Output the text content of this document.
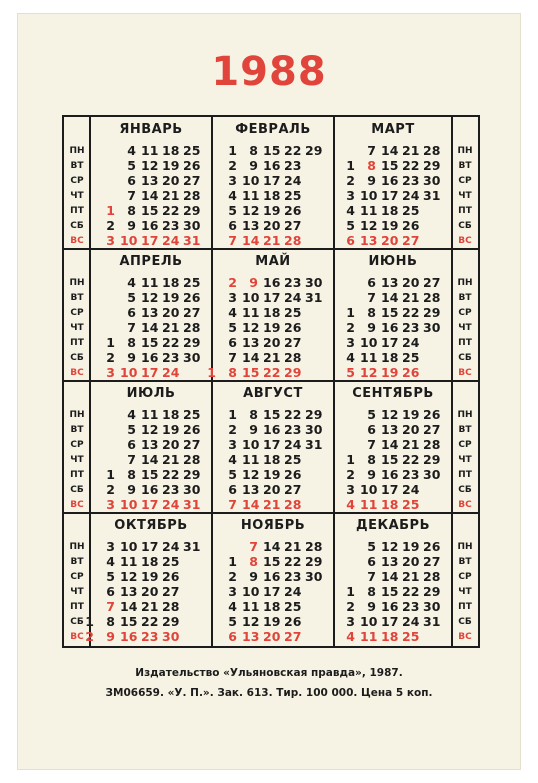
1988
ПН
ВТ
СР
ЧТ
ПТ
СБ
ВС
ПН
ВТ
СР
ЧТ
ПТ
СБ
ВС
ЯНВАРЬ
4 11 18 25
5 12 19 26
6 13 20 27
7 14 21 28
1 8 15 22 29
2 9 16 23 30
3 10 17 24 31
ФЕВРАЛЬ
1 8 15 22 29
2 9 16 23
3 10 17 24
4 11 18 25
5 12 19 26
6 13 20 27
7 14 21 28
МАРТ
7 14 21 28
1 8 15 22 29
2 9 16 23 30
3 10 17 24 31
4 11 18 25
5 12 19 26
6 13 20 27
ПН
ВТ
СР
ЧТ
ПТ
СБ
ВС
ПН
ВТ
СР
ЧТ
ПТ
СБ
ВС
АПРЕЛЬ
4 11 18 25
5 12 19 26
6 13 20 27
7 14 21 28
1 8 15 22 29
2 9 16 23 30
3 10 17 24
МАЙ
2 9 16 23 30
3 10 17 24 31
4 11 18 25
5 12 19 26
6 13 20 27
7 14 21 28
1 8 15 22 29
ИЮНЬ
6 13 20 27
7 14 21 28
1 8 15 22 29
2 9 16 23 30
3 10 17 24
4 11 18 25
5 12 19 26
ПН
ВТ
СР
ЧТ
ПТ
СБ
ВС
ПН
ВТ
СР
ЧТ
ПТ
СБ
ВС
ИЮЛЬ
4 11 18 25
5 12 19 26
6 13 20 27
7 14 21 28
1 8 15 22 29
2 9 16 23 30
3 10 17 24 31
АВГУСТ
1 8 15 22 29
2 9 16 23 30
3 10 17 24 31
4 11 18 25
5 12 19 26
6 13 20 27
7 14 21 28
СЕНТЯБРЬ
5 12 19 26
6 13 20 27
7 14 21 28
1 8 15 22 29
2 9 16 23 30
3 10 17 24
4 11 18 25
ПН
ВТ
СР
ЧТ
ПТ
СБ
ВС
ПН
ВТ
СР
ЧТ
ПТ
СБ
ВС
ОКТЯБРЬ
3 10 17 24 31
4 11 18 25
5 12 19 26
6 13 20 27
7 14 21 28
1 8 15 22 29
2 9 16 23 30
НОЯБРЬ
7 14 21 28
1 8 15 22 29
2 9 16 23 30
3 10 17 24
4 11 18 25
5 12 19 26
6 13 20 27
ДЕКАБРЬ
5 12 19 26
6 13 20 27
7 14 21 28
1 8 15 22 29
2 9 16 23 30
3 10 17 24 31
4 11 18 25
Издательство «Ульяновская правда», 1987.
ЗМ06659. «У. П.». Зак. 613. Тир. 100 000. Цена 5 коп.
